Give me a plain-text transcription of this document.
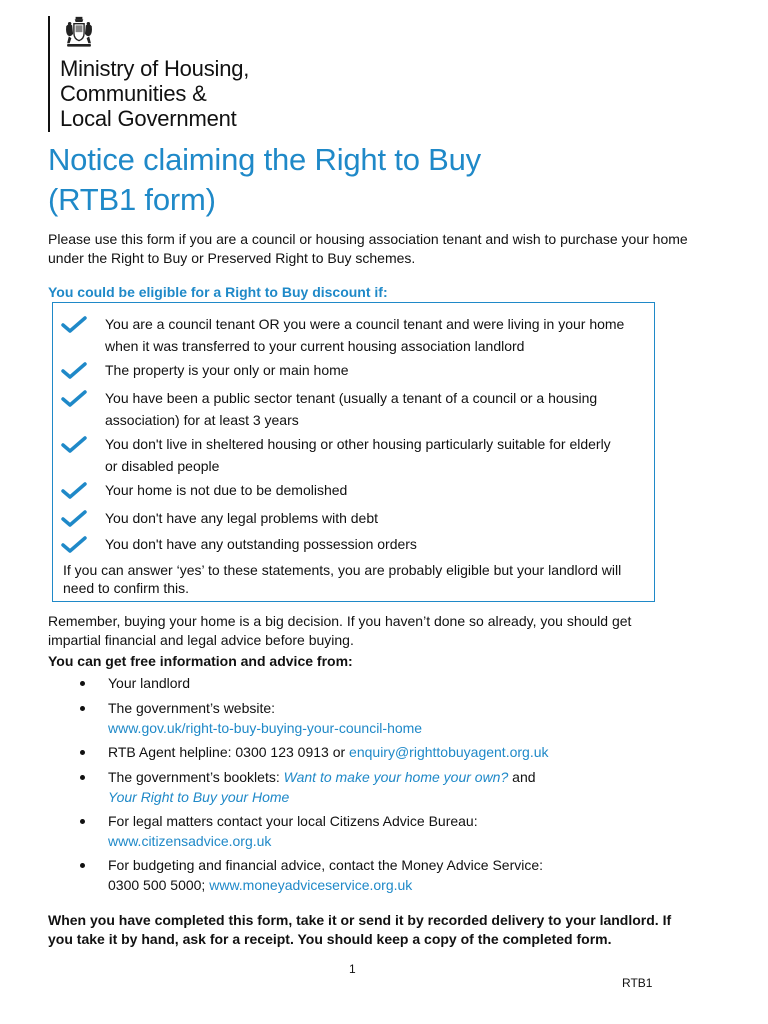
Ministry of Housing,
Communities &
Local Government
Notice claiming the Right to Buy
(RTB1 form)
Please use this form if you are a council or housing association tenant and wish to purchase your home under the Right to Buy or Preserved Right to Buy schemes.
You could be eligible for a Right to Buy discount if:
You are a council tenant OR you were a council tenant and were living in your home when it was transferred to your current housing association landlord
The property is your only or main home
You have been a public sector tenant (usually a tenant of a council or a housing association) for at least 3 years
You don't live in sheltered housing or other housing particularly suitable for elderly or disabled people
Your home is not due to be demolished
You don't have any legal problems with debt
You don't have any outstanding possession orders
If you can answer ‘yes’ to these statements, you are probably eligible but your landlord will need to confirm this.
Remember, buying your home is a big decision. If you haven’t done so already, you should get impartial financial and legal advice before buying.
You can get free information and advice from:
Your landlord
The government’s website:
www.gov.uk/right-to-buy-buying-your-council-home
RTB Agent helpline: 0300 123 0913 or enquiry@righttobuyagent.org.uk
The government’s booklets: Want to make your home your own? and
Your Right to Buy your Home
For legal matters contact your local Citizens Advice Bureau:
www.citizensadvice.org.uk
For budgeting and financial advice, contact the Money Advice Service:
0300 500 5000; www.moneyadviceservice.org.uk
When you have completed this form, take it or send it by recorded delivery to your landlord. If you take it by hand, ask for a receipt. You should keep a copy of the completed form.
1
RTB1
